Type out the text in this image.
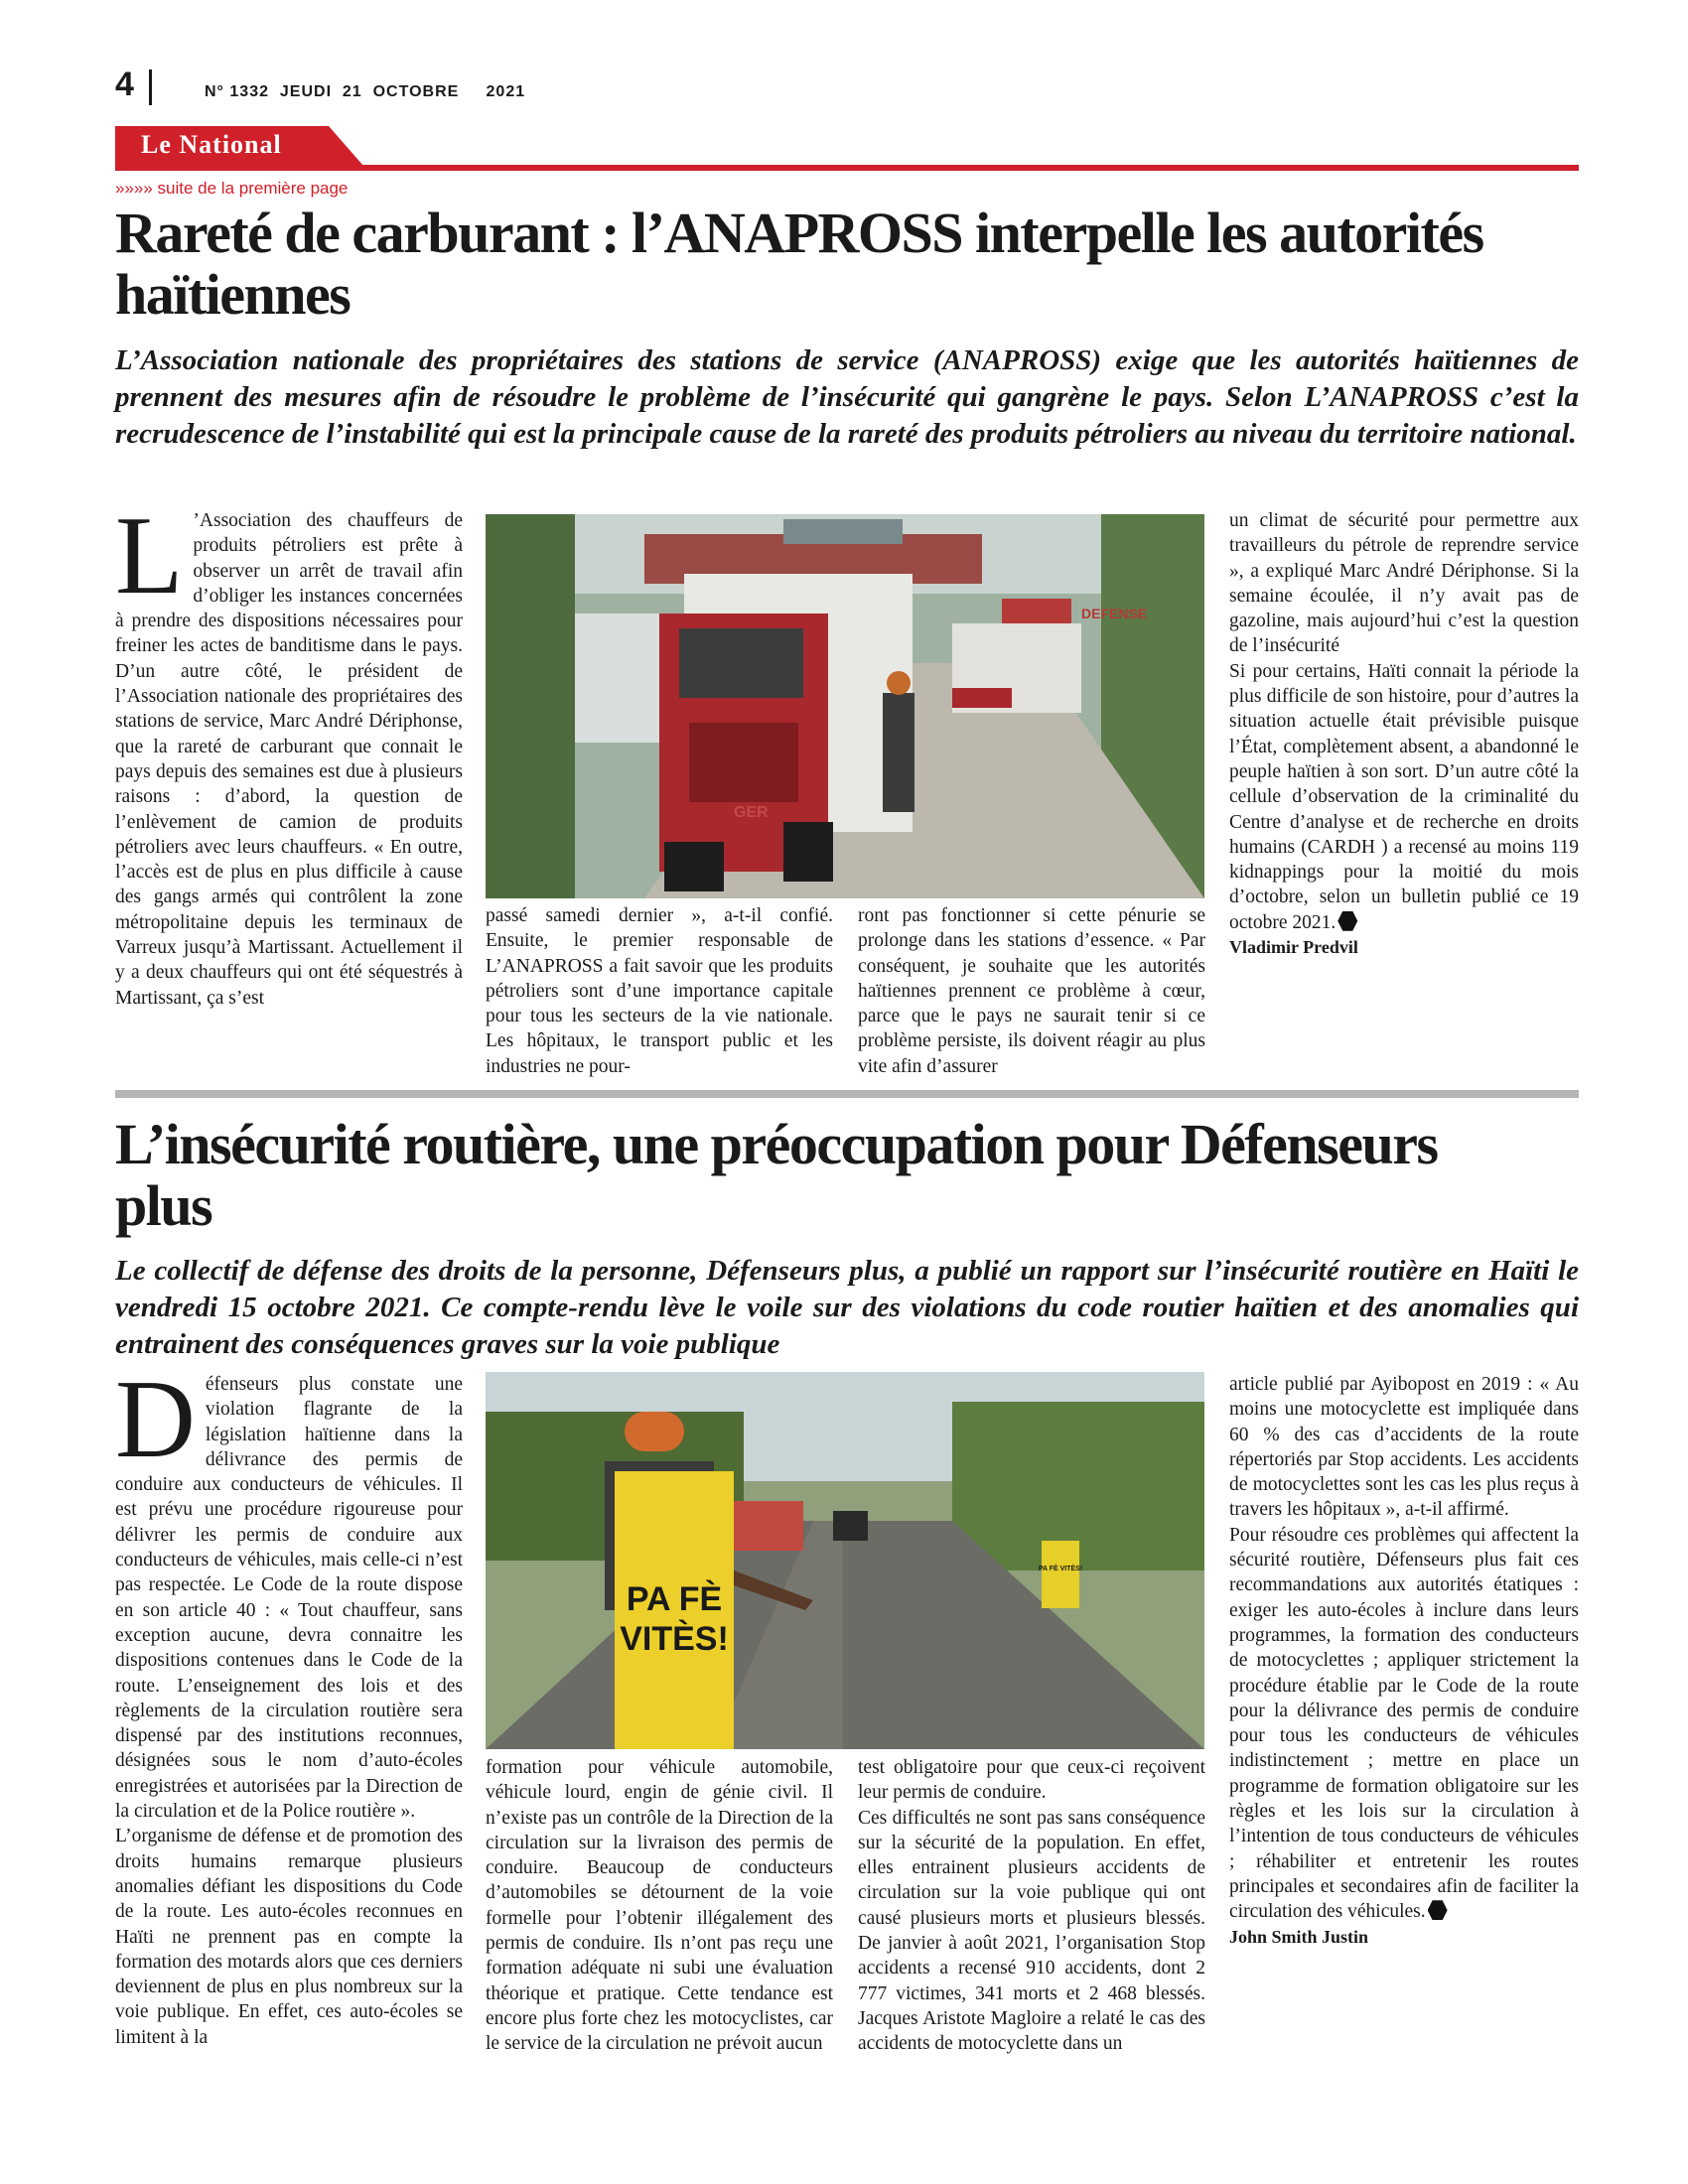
4	N° 1332  JEUDI  21  OCTOBRE     2021
Le National
»»»» suite de la première page
Rareté de carburant : l’ANAPROSS interpelle les autorités
haïtiennes
L’Association nationale des propriétaires des stations de service (ANAPROSS) exige que les autorités haïtiennes de prennent des mesures afin de résoudre le problème de l’insécurité qui gangrène le pays. Selon L’ANAPROSS c’est la recrudescence de l’instabilité qui est la principale cause de la rareté des produits pétroliers au niveau du territoire national.
L ’Association des chauffeurs de produits pétroliers est prête à observer un arrêt de travail afin d’obliger les instances concernées à prendre des dispositions nécessaires pour freiner les actes de banditisme dans le pays. D’un autre côté, le président de l’Association nationale des propriétaires des stations de service, Marc André Dériphonse, que la rareté de carburant que connait le pays depuis des semaines est due à plusieurs raisons : d’abord, la question de l’enlèvement de camion de produits pétroliers avec leurs chauffeurs. « En outre, l’accès est de plus en plus difficile à cause des gangs armés qui contrôlent la zone métropolitaine depuis les terminaux de Varreux jusqu’à Martissant. Actuellement il y a deux chauffeurs qui ont été séquestrés à Martissant, ça s’est
DEFENSE
GER
passé samedi dernier », a-t-il confié. Ensuite, le premier responsable de L’ANAPROSS a fait savoir que les produits pétroliers sont d’une importance capitale pour tous les secteurs de la vie nationale. Les hôpitaux, le transport public et les industries ne pour-
ront pas fonctionner si cette pénurie se prolonge dans les stations d’essence. « Par conséquent, je souhaite que les autorités haïtiennes prennent ce problème à cœur, parce que le pays ne saurait tenir si ce problème persiste, ils doivent réagir au plus vite afin d’assurer

un climat de sécurité pour permettre aux travailleurs du pétrole de reprendre service », a expliqué Marc André Dériphonse. Si la semaine écoulée, il n’y avait pas de gazoline, mais aujourd’hui c’est la question de l’insécurité

Si pour certains, Haïti connait la période la plus difficile de son histoire, pour d’autres la situation actuelle était prévisible puisque l’État, complètement absent, a abandonné le peuple haïtien à son sort. D’un autre côté la cellule d’observation de la criminalité du Centre d’analyse et de recherche en droits humains (CARDH ) a recensé au moins 119 kidnappings pour la moitié du mois d’octobre, selon un bulletin publié ce 19 octobre 2021.

Vladimir Predvil

L’insécurité routière, une préoccupation pour Défenseurs
plus
Le collectif de défense des droits de la personne, Défenseurs plus, a publié un rapport sur l’insécurité routière en Haïti le vendredi 15 octobre 2021. Ce compte-rendu lève le voile sur des violations du code routier haïtien et des anomalies qui entrainent des conséquences graves sur la voie publique

Défenseurs plus constate une violation flagrante de la législation haïtienne dans la délivrance des permis de conduire aux conducteurs de véhicules. Il est prévu une procédure rigoureuse pour délivrer les permis de conduire aux conducteurs de véhicules, mais celle-ci n’est pas respectée. Le Code de la route dispose en son article 40 : « Tout chauffeur, sans exception aucune, devra connaitre les dispositions contenues dans le Code de la route. L’enseignement des lois et des règlements de la circulation routière sera dispensé par des institutions reconnues, désignées sous le nom d’auto-écoles enregistrées et autorisées par la Direction de la circulation et de la Police routière ».

L’organisme de défense et de promotion des droits humains remarque plusieurs anomalies défiant les dispositions du Code de la route. Les auto-écoles reconnues en Haïti ne prennent pas en compte la formation des motards alors que ces derniers deviennent de plus en plus nombreux sur la voie publique. En effet, ces auto-écoles se limitent à la

PA FÈ
VITÈS!
PA FÈ VITÈS!
formation pour véhicule automobile, véhicule lourd, engin de génie civil. Il n’existe pas un contrôle de la Direction de la circulation sur la livraison des permis de conduire. Beaucoup de conducteurs d’automobiles se détournent de la voie formelle pour l’obtenir illégalement des permis de conduire. Ils n’ont pas reçu une formation adéquate ni subi une évaluation théorique et pratique. Cette tendance est encore plus forte chez les motocyclistes, car le service de la circulation ne prévoit aucun

test obligatoire pour que ceux-ci reçoivent leur permis de conduire.

Ces difficultés ne sont pas sans conséquence sur la sécurité de la population. En effet, elles entrainent plusieurs accidents de circulation sur la voie publique qui ont causé plusieurs morts et plusieurs blessés. De janvier à août 2021, l’organisation Stop accidents a recensé 910 accidents, dont 2 777 victimes, 341 morts et 2 468 blessés. Jacques Aristote Magloire a relaté le cas des accidents de motocyclette dans un

article publié par Ayibopost en 2019 : « Au moins une motocyclette est impliquée dans 60 % des cas d’accidents de la route répertoriés par Stop accidents. Les accidents de motocyclettes sont les cas les plus reçus à travers les hôpitaux », a-t-il affirmé.

Pour résoudre ces problèmes qui affectent la sécurité routière, Défenseurs plus fait ces recommandations aux autorités étatiques : exiger les auto-écoles à inclure dans leurs programmes, la formation des conducteurs de motocyclettes ; appliquer strictement la procédure établie par le Code de la route pour la délivrance des permis de conduire pour tous les conducteurs de véhicules indistinctement ; mettre en place un programme de formation obligatoire sur les règles et les lois sur la circulation à l’intention de tous conducteurs de véhicules ; réhabiliter et entretenir les routes principales et secondaires afin de faciliter la circulation des véhicules.

John Smith Justin
